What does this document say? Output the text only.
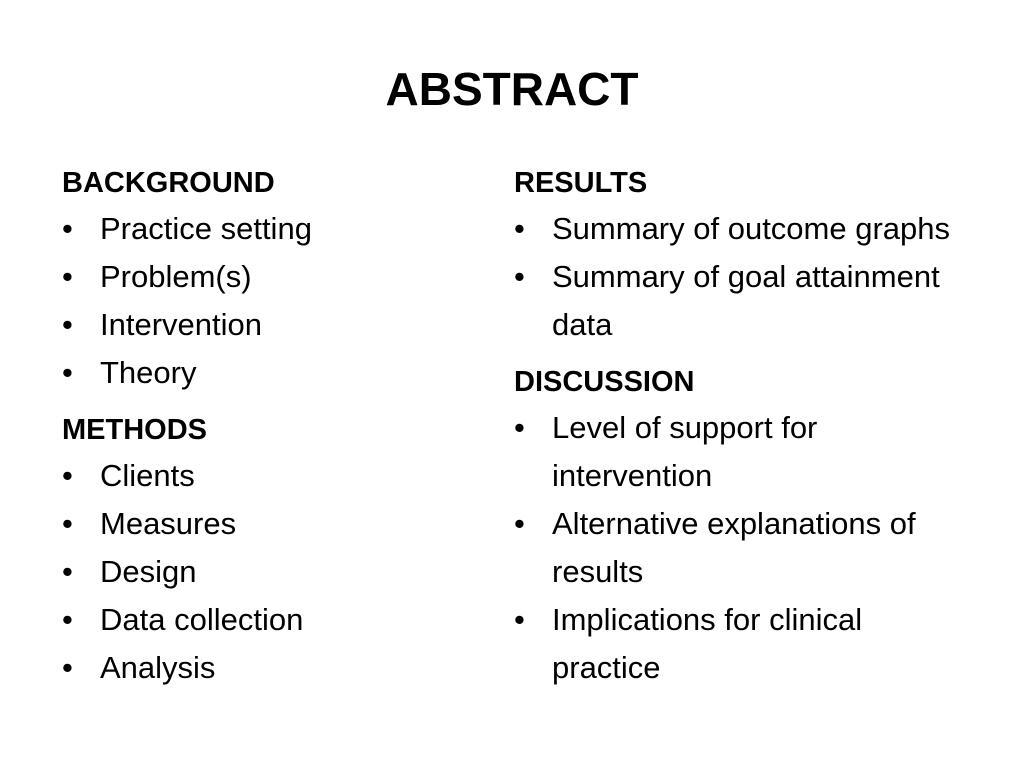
ABSTRACT
BACKGROUND
• Practice setting
• Problem(s)
• Intervention
• Theory
METHODS
• Clients
• Measures
• Design
• Data collection
• Analysis
RESULTS
• Summary of outcome graphs
• Summary of goal attainment data
DISCUSSION
• Level of support for intervention
• Alternative explanations of results
• Implications for clinical practice
